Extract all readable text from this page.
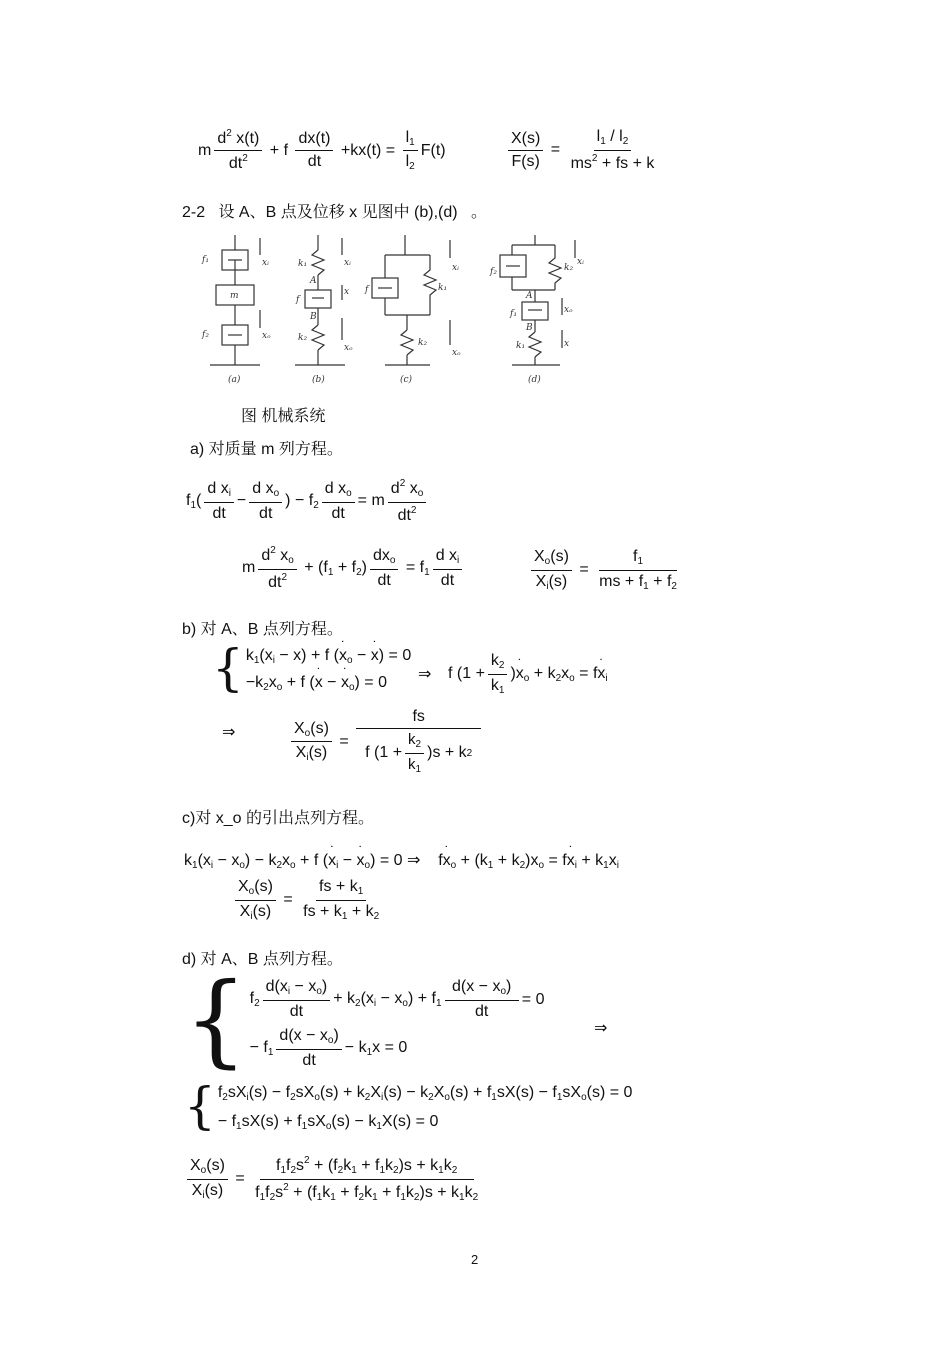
m $\frac{d^2 x(t)}{dt^2} + f \frac{dx(t)}{dt} +kx(t) = \frac{l_1}{l_2} F(t)$	$\frac{X(s)}{F(s)} = \frac{l_1 / l_2}{ms^2 + fs + k}$
2-2 设 A、B 点及位移 x 见图中 (b),(d) 。
f₁	xᵢ
m
f₂	xₒ
k₁	xᵢ
A
f
x
B
k₂
xₒ
f	k₁
xᵢ
k₂
xₒ
f₂	k₂
xᵢ
A
f₁	xₒ
B
k₁	x
(a)	(b)	(c)	(d)
图 机械系统
a) 对质量 m 列方程。
$f_1( \frac{d x_i}{dt} - \frac{d x_o}{dt}$ ) − $f_2 \frac{d x_o}{dt} = m \frac{d^2 x_o}{dt^2}$
m $\frac{d^2 x_o}{dt^2} + (f_1 + f_2) \frac{dx_o}{dt} = f_1 \frac{d x_i}{dt}$	$\frac{X_o(s)}{X_i(s)} = \frac{f_1}{ms + f_1 + f_2}$
b) 对 A、B 点列方程。
{ $k_1(x_i - x) + f$ (x $˙_o - x$ ˙) = 0
$-k_2x_o + f$ (x ˙ − x $˙_o) = 0$	⇒ f $(1 + \frac{k_2}{k_1} )x$ $˙_o + k_2x_o$ = fx $˙_i$
⇒	$\frac{X_o(s)}{X_i(s)} = \frac{fs}{f (1 + \frac{k_2}{k_1} )s + k 2}$
c)对 x_o 的引出点列方程。
$k_1(x_i - x_o) - k_2x_o + f$ (x $˙_i - x$ $˙_o) = 0$ ⇒    fx $˙_o + (k_1 + k_2)x_o$ = fx $˙_i + k_1x_i$
$\frac{X_o(s)}{X_i(s)} = \frac{fs + k_1}{fs + k_1 + k_2}$
d) 对 A、B 点列方程。
{ $f_2 \frac{d(x_i - x_o)}{dt} + k_2(x_i - x_o) + f_1 \frac{d(x - x_o)}{dt} = 0$
− $f_1 \frac{d(x - x_o)}{dt} - k_1x = 0$
⇒
{ $f_2sX_i(s) - f_2sX_o(s) + k_2X_i(s) - k_2X_o(s) + f_1sX(s) - f_1sX_o(s) = 0$
− $f_1sX(s) + f_1sX_o(s) - k_1X(s) = 0$
$\frac{X_o(s)}{X_i(s)} = \frac{f_1f_2s^2 + (f_2k_1 + f_1k_2)s + k_1k_2}{f_1f_2s^2 + (f_1k_1 + f_2k_1 + f_1k_2)s + k_1k_2}$
2
